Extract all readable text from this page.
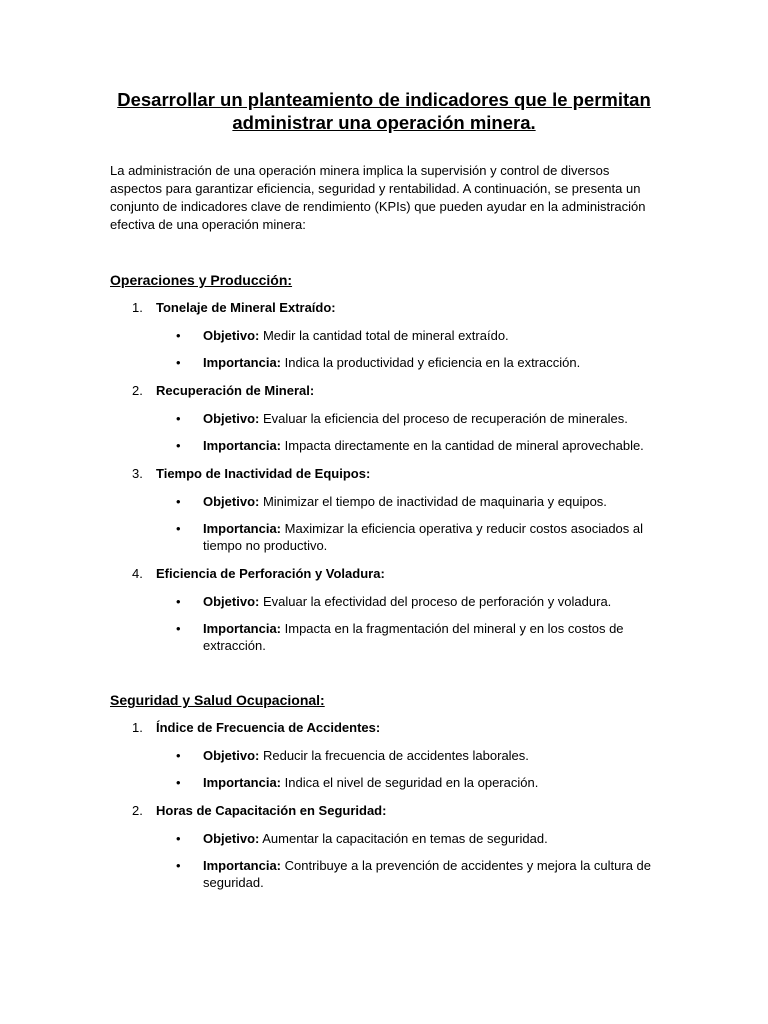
Desarrollar un planteamiento de indicadores que le permitan administrar una operación minera.

La administración de una operación minera implica la supervisión y control de diversos aspectos para garantizar eficiencia, seguridad y rentabilidad. A continuación, se presenta un conjunto de indicadores clave de rendimiento (KPIs) que pueden ayudar en la administración efectiva de una operación minera:

Operaciones y Producción:
1. Tonelaje de Mineral Extraído:
• Objetivo: Medir la cantidad total de mineral extraído.
• Importancia: Indica la productividad y eficiencia en la extracción.
2. Recuperación de Mineral:
• Objetivo: Evaluar la eficiencia del proceso de recuperación de minerales.
• Importancia: Impacta directamente en la cantidad de mineral aprovechable.
3. Tiempo de Inactividad de Equipos:
• Objetivo: Minimizar el tiempo de inactividad de maquinaria y equipos.
• Importancia: Maximizar la eficiencia operativa y reducir costos asociados al tiempo no productivo.
4. Eficiencia de Perforación y Voladura:
• Objetivo: Evaluar la efectividad del proceso de perforación y voladura.
• Importancia: Impacta en la fragmentación del mineral y en los costos de extracción.
Seguridad y Salud Ocupacional:
1. Índice de Frecuencia de Accidentes:
• Objetivo: Reducir la frecuencia de accidentes laborales.
• Importancia: Indica el nivel de seguridad en la operación.
2. Horas de Capacitación en Seguridad:
• Objetivo: Aumentar la capacitación en temas de seguridad.
• Importancia: Contribuye a la prevención de accidentes y mejora la cultura de seguridad.
